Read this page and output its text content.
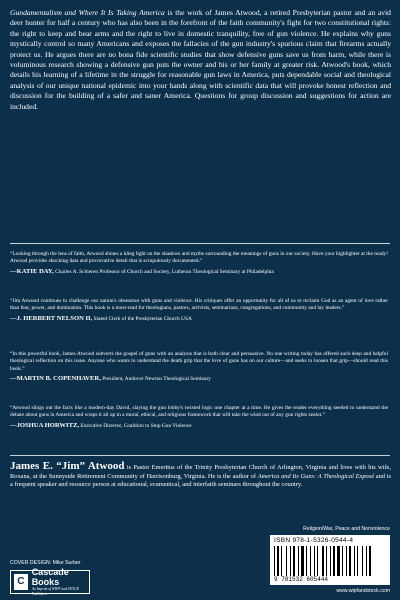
Gundamentalism and Where It Is Taking America is the work of James Atwood, a retired Presbyterian pastor and an avid deer hunter for half a century who has also been in the forefront of the faith community's fight for two constitutional rights: the right to keep and bear arms and the right to live in domestic tranquility, free of gun violence. He explains why guns mystically control so many Americans and exposes the fallacies of the gun industry's spurious claim that firearms actually protect us. He argues there are no bona fide scientific studies that show defensive guns save us from harm, while there is voluminous research showing a defensive gun puts the owner and his or her family at greater risk. Atwood's book, which details his learning of a lifetime in the struggle for reasonable gun laws in America, puts dependable social and theological analysis of our unique national epidemic into your hands along with scientific data that will provoke honest reflection and discussion for the building of a safer and saner America. Questions for group discussion and suggestions for action are included.
“Looking through the lens of faith, Atwood shines a klieg light on the shadows and myths surrounding the meanings of guns in our society. Have your highlighter at the ready! Atwood provides shocking data and provocative detail that is scrupulously documented.”
—KATIE DAY, Charles A. Schieren Professor of Church and Society, Lutheran Theological Seminary at Philadelphia
“Jim Atwood continues to challenge our nation's obsession with guns and violence. His critiques offer an opportunity for all of us to reclaim God as an agent of love rather than fear, power, and domination. This book is a must-read for theologians, pastors, activists, seminarians, congregations, and community and lay leaders.”
—J. HERBERT NELSON II, Stated Clerk of the Presbyterian Church USA
“In this powerful book, James Atwood subverts the gospel of guns with an analysis that is both clear and persuasive. No one writing today has offered such deep and helpful theological reflection on this issue. Anyone who wants to understand the death grip that the love of guns has on our culture—and seeks to loosen that grip—should read this book.”
—MARTIN B. COPENHAVER, President, Andover Newton Theological Seminary
“Atwood slings out the facts like a modern-day David, slaying the gun lobby's twisted logic one chapter at a time. He gives the reader everything needed to understand the debate about guns in America and wraps it all up in a moral, ethical, and religious framework that will take the wind out of any gun rights zealot.”
—JOSHUA HORWITZ, Executive Director, Coalition to Stop Gun Violence
James E. “Jim” Atwood is Pastor Emeritus of the Trinity Presbyterian Church of Arlington, Virginia and lives with his wife, Roxana, at the Sunnyside Retirement Community of Harrisonburg, Virginia. He is the author of America and Its Guns: A Theological Exposé and is a frequent speaker and resource person at educational, ecumenical, and interfaith seminars throughout the country.
Religion/War, Peace and Nonviolence
ISBN 978-1-5326-0544-4
9 781532 605444
COVER DESIGN: Mike Surber
C
Cascade Books
An Imprint of WIPF and STOCK Publishers	www.wipfandstock.com
